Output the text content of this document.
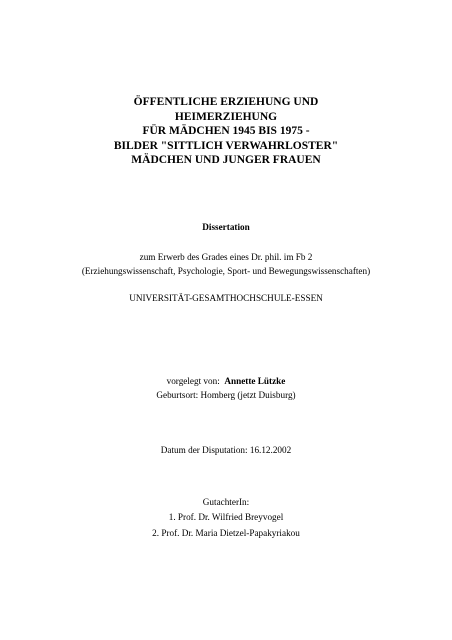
ÖFFENTLICHE ERZIEHUNG UND
HEIMERZIEHUNG
FÜR MÄDCHEN 1945 BIS 1975 -
BILDER "SITTLICH VERWAHRLOSTER"
MÄDCHEN UND JUNGER FRAUEN
Dissertation
zum Erwerb des Grades eines Dr. phil. im Fb 2
(Erziehungswissenschaft, Psychologie, Sport- und Bewegungswissenschaften)
UNIVERSITÄT-GESAMTHOCHSCHULE-ESSEN
vorgelegt von: Annette Lützke
Geburtsort: Homberg (jetzt Duisburg)
Datum der Disputation: 16.12.2002
GutachterIn:
1. Prof. Dr. Wilfried Breyvogel
2. Prof. Dr. Maria Dietzel-Papakyriakou
